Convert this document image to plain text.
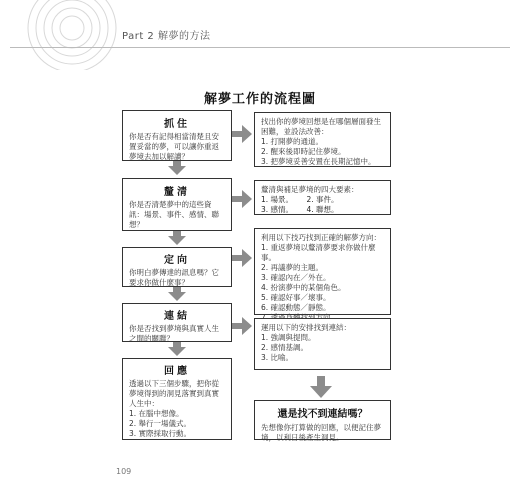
Part 2 解夢的方法
解夢工作的流程圖
抓住
你是否有記得相當清楚且安置妥當的夢，可以讓你重返夢境去加以解讀？
釐清
你是否清楚夢中的這些資訊：場景、事件、感情、聯想？
定向
你明白夢傳達的訊息嗎？它要求你做什麼事？
連結
你是否找到夢境與真實人生之間的關聯？
回應
透過以下三個步驟，把你從夢境得到的洞見落實到真實人生中：
1. 在腦中想像。
2. 舉行一場儀式。
3. 實際採取行動。
找出你的夢境回想是在哪個層面發生困難，並設法改善：
1. 打開夢的通道。
2. 醒來後即時記住夢境。
3. 把夢境妥善安置在長期記憶中。
釐清與補足夢境的四大要素：
1. 場景。	2. 事件。
3. 感情。	4. 聯想。
利用以下技巧找到正確的解夢方向：
1. 重返夢境以釐清夢要求你做什麼事。
2. 再議夢的主題。
3. 確認內在／外在。
4. 扮演夢中的某個角色。
5. 確認好事／壞事。
6. 確認動態／靜態。
運用以下的安排找到連結：
1. 強調與提問。
2. 感情基調。
3. 比喻。
還是找不到連結嗎？
先想像你打算做的回應，以便記住夢境，以利日後產生洞見。
109
